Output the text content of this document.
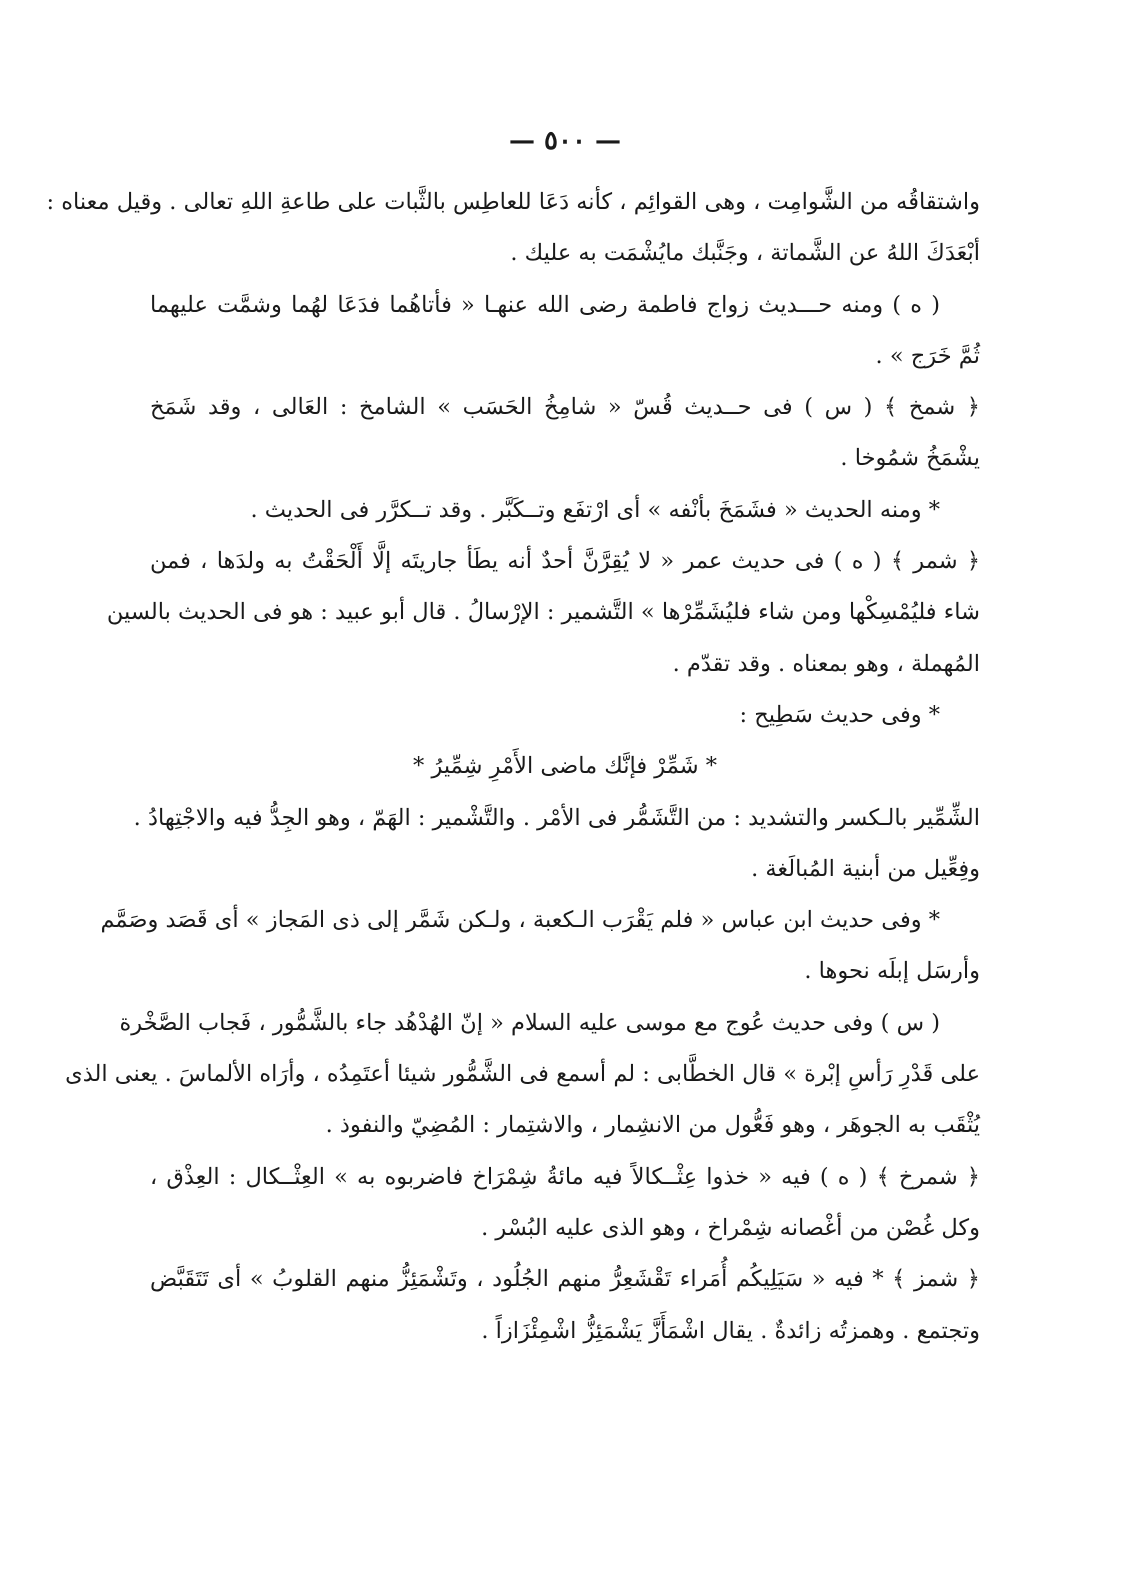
— ٥٠٠ —
واشتقاقُه من الشَّوامِت ، وهى القوائِم ، كأنه دَعَا للعاطِس بالثَّبات على طاعةِ اللهِ تعالى . وقيل معناه :
أبْعَدَكَ اللهُ عن الشَّماتة ، وجَنَّبك مايُشْمَت به عليك .
( ه ) ومنه حـــديث زواج فاطمة رضى الله عنهـا « فأتاهُما فدَعَا لهُما وشمَّت عليهما
ثُمَّ خَرَج » .
﴿ شمخ ﴾ ( س ) فى حــديث قُسّ « شامِخُ الحَسَب » الشامخ : العَالى ، وقد شَمَخ
يشْمَخُ شمُوخا .
* ومنه الحديث « فشَمَخَ بأنْفه » أى ارْتفَع وتــكَبَّر . وقد تــكرَّر فى الحديث .
﴿ شمر ﴾ ( ه ) فى حديث عمر « لا يُقِرَّنَّ أحدٌ أنه يطَأ جاريتَه إلَّا أَلْحَقْتُ به ولدَها ، فمن
شاء فليُمْسِكْها ومن شاء فليُشَمِّرْها » التَّشمير : الإرْسالُ . قال أبو عبيد : هو فى الحديث بالسين
المُهملة ، وهو بمعناه . وقد تقدّم .
* وفى حديث سَطِيح :
* شَمِّرْ فإنَّك ماضى الأَمْرِ شِمِّيرُ *
الشِّمِّير بالـكسر والتشديد : من التَّشَمُّر فى الأمْر . والتَّشْمير : الهَمّ ، وهو الجِدُّ فيه والاجْتِهادُ .
وفِعِّيل من أبنية المُبالَغة .
* وفى حديث ابن عباس « فلم يَقْرَب الـكعبة ، ولـكن شَمَّر إلى ذى المَجاز » أى قَصَد وصَمَّم
وأرسَل إبلَه نحوها .
( س ) وفى حديث عُوج مع موسى عليه السلام « إنّ الهُدْهُد جاء بالشَّمُّور ، فَجاب الصَّخْرة
على قَدْرِ رَأسِ إبْرة » قال الخطَّابى : لم أسمع فى الشَّمُّور شيئا أعتَمِدُه ، وأرَاه الألماسَ . يعنى الذى
يُثْقَب به الجوهَر ، وهو فَعُّول من الانشِمار ، والاشتِمار : المُضِيّ والنفوذ .
﴿ شمرخ ﴾ ( ه ) فيه « خذوا عِثْــكالاً فيه مائةُ شِمْرَاخ فاضربوه به » العِثْــكال : العِذْق ،
وكل غُصْن من أغْصانه شِمْراخ ، وهو الذى عليه البُسْر .
﴿ شمز ﴾ * فيه « سَيَلِيكُم أُمَراء تَقْشَعِرُّ منهم الجُلُود ، وتَشْمَئِزُّ منهم القلوبُ » أى تَتَقَبَّض
وتجتمع . وهمزتُه زائدةٌ . يقال اشْمَأَزَّ يَشْمَئِزُّ اشْمِئْزَازاً .
